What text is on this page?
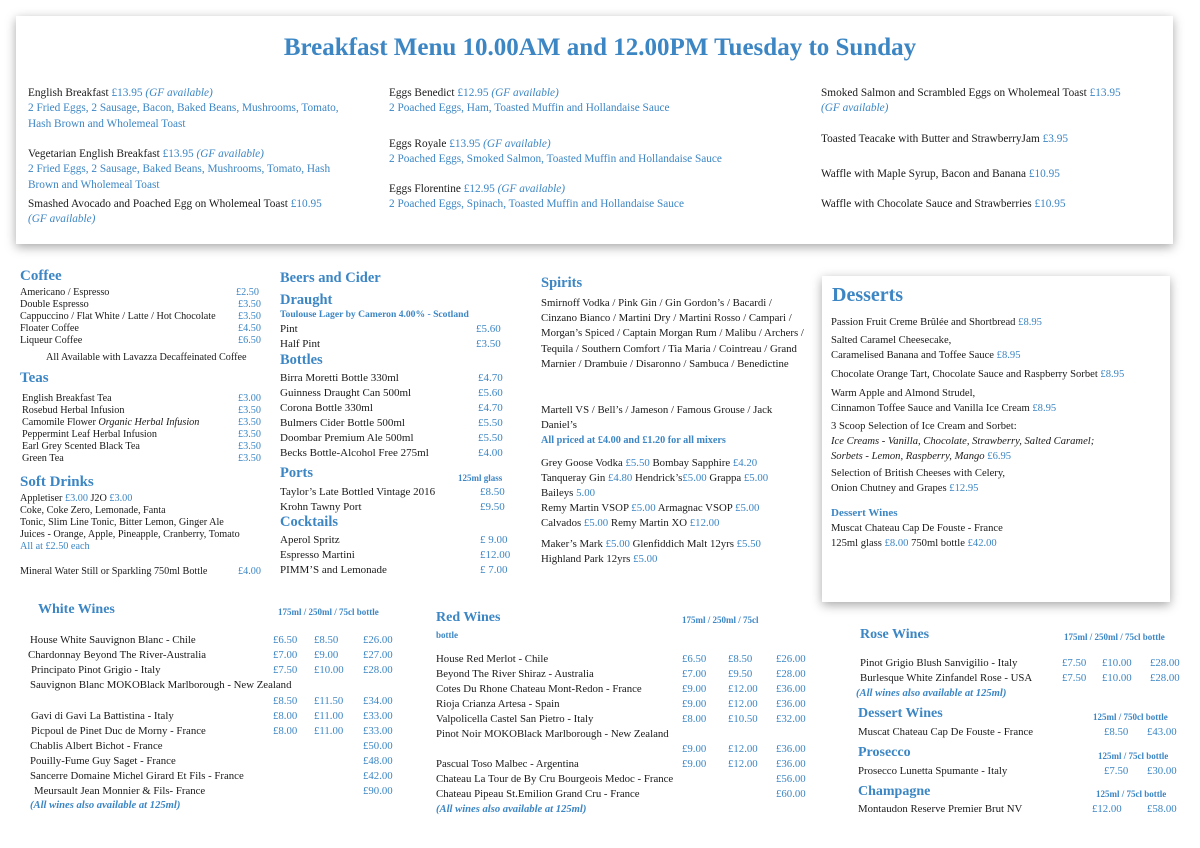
Breakfast Menu 10.00AM and 12.00PM Tuesday to Sunday
English Breakfast £13.95 (GF available)
2 Fried Eggs, 2 Sausage, Bacon, Baked Beans, Mushrooms, Tomato, Hash Brown and Wholemeal Toast
Vegetarian English Breakfast £13.95 (GF available)
2 Fried Eggs, 2 Sausage, Baked Beans, Mushrooms, Tomato, Hash Brown and Wholemeal Toast
Smashed Avocado and Poached Egg on Wholemeal Toast £10.95
(GF available)
Eggs Benedict £12.95 (GF available)
2 Poached Eggs, Ham, Toasted Muffin and Hollandaise Sauce
Eggs Royale £13.95 (GF available)
2 Poached Eggs, Smoked Salmon, Toasted Muffin and Hollandaise Sauce
Eggs Florentine £12.95 (GF available)
2 Poached Eggs, Spinach, Toasted Muffin and Hollandaise Sauce
Smoked Salmon and Scrambled Eggs on Wholemeal Toast £13.95
(GF available)
Toasted Teacake with Butter and StrawberryJam £3.95
Waffle with Maple Syrup, Bacon and Banana £10.95
Waffle with Chocolate Sauce and Strawberries £10.95
Coffee
Americano / Espresso	£2.50
Double Espresso	£3.50
Cappuccino / Flat White / Latte / Hot Chocolate £3.50
Floater Coffee	£4.50
Liqueur Coffee	£6.50
All Available with Lavazza Decaffeinated Coffee
Teas
English Breakfast Tea	£3.00
Rosebud Herbal Infusion	£3.50
Camomile Flower Organic Herbal Infusion	£3.50
Peppermint Leaf Herbal Infusion	£3.50
Earl Grey Scented Black Tea	£3.50
Green Tea	£3.50
Soft Drinks
Appletiser £3.00 J2O £3.00
Coke, Coke Zero, Lemonade, Fanta
Tonic, Slim Line Tonic, Bitter Lemon, Ginger Ale
Juices - Orange, Apple, Pineapple, Cranberry, Tomato
All at £2.50 each
Mineral Water Still or Sparkling 750ml Bottle	£4.00
Beers and Cider
Draught
Toulouse Lager by Cameron 4.00% - Scotland
Pint	£5.60
Half Pint	£3.50
Bottles
Birra Moretti Bottle 330ml	£4.70
Guinness Draught Can 500ml	£5.60
Corona Bottle 330ml	£4.70
Bulmers Cider Bottle 500ml	£5.50
Doombar Premium Ale 500ml	£5.50
Becks Bottle-Alcohol Free 275ml	£4.00
Ports	125ml glass
Taylor’s Late Bottled Vintage 2016	£8.50
Krohn Tawny Port	£9.50
Cocktails
Aperol Spritz	£ 9.00
Espresso Martini	£12.00
PIMM’S and Lemonade	£ 7.00
Spirits
Smirnoff Vodka / Pink Gin / Gin Gordon’s / Bacardi / Cinzano Bianco / Martini Dry / Martini Rosso / Campari / Morgan’s Spiced / Captain Morgan Rum / Malibu / Archers / Tequila / Southern Comfort / Tia Maria / Cointreau / Grand Marnier / Drambuie / Disaronno / Sambuca / Benedictine
Martell VS / Bell’s / Jameson / Famous Grouse / Jack Daniel’s
All priced at £4.00 and £1.20 for all mixers
Grey Goose Vodka £5.50 Bombay Sapphire £4.20
Tanqueray Gin £4.80 Hendrick’s£5.00 Grappa £5.00
Baileys 5.00
Remy Martin VSOP £5.00 Armagnac VSOP £5.00
Calvados £5.00 Remy Martin XO £12.00
Maker’s Mark £5.00 Glenfiddich Malt 12yrs £5.50
Highland Park 12yrs £5.00
Desserts
Passion Fruit Creme Brûlée and Shortbread £8.95
Salted Caramel Cheesecake,
Caramelised Banana and Toffee Sauce £8.95
Chocolate Orange Tart, Chocolate Sauce and Raspberry Sorbet £8.95
Warm Apple and Almond Strudel,
Cinnamon Toffee Sauce and Vanilla Ice Cream £8.95
3 Scoop Selection of Ice Cream and Sorbet:
Ice Creams - Vanilla, Chocolate, Strawberry, Salted Caramel;
Sorbets - Lemon, Raspberry, Mango £6.95
Selection of British Cheeses with Celery,
Onion Chutney and Grapes £12.95
Dessert Wines
Muscat Chateau Cap De Fouste - France
125ml glass £8.00 750ml bottle £42.00
White Wines	175ml / 250ml / 75cl bottle
House White Sauvignon Blanc - Chile	£6.50 £8.50 £26.00
Chardonnay Beyond The River-Australia	£7.00 £9.00 £27.00
Principato Pinot Grigio - Italy	£7.50 £10.00 £28.00
Sauvignon Blanc MOKOBlack Marlborough - New Zealand
£8.50 £11.50 £34.00
Gavi di Gavi La Battistina - Italy	£8.00 £11.00 £33.00
Picpoul de Pinet Duc de Morny - France	£8.00 £11.00 £33.00
Chablis Albert Bichot - France	£50.00
Pouilly-Fume Guy Saget - France	£48.00
Sancerre Domaine Michel Girard Et Fils - France	£42.00
Meursault Jean Monnier & Fils- France	£90.00
(All wines also available at 125ml)
Red Wines	175ml / 250ml / 75cl
bottle
House Red Merlot - Chile	£6.50 £8.50 £26.00
Beyond The River Shiraz - Australia	£7.00 £9.50 £28.00
Cotes Du Rhone Chateau Mont-Redon - France	£9.00 £12.00 £36.00
Rioja Crianza Artesa - Spain	£9.00 £12.00 £36.00
Valpolicella Castel San Pietro - Italy	£8.00 £10.50 £32.00
Pinot Noir MOKOBlack Marlborough - New Zealand
£9.00 £12.00 £36.00
Pascual Toso Malbec - Argentina	£9.00 £12.00 £36.00
Chateau La Tour de By Cru Bourgeois Medoc - France	£56.00
Chateau Pipeau St.Emilion Grand Cru - France	£60.00
(All wines also available at 125ml)
Rose Wines	175ml / 250ml / 75cl bottle
Pinot Grigio Blush Sanvigilio - Italy	£7.50 £10.00 £28.00
Burlesque White Zinfandel Rose - USA	£7.50 £10.00 £28.00
(All wines also available at 125ml)
Dessert Wines	125ml / 750cl bottle
Muscat Chateau Cap De Fouste - France	£8.50 £43.00
Prosecco	125ml / 75cl bottle
Prosecco Lunetta Spumante - Italy	£7.50 £30.00
Champagne	125ml / 75cl bottle
Montaudon Reserve Premier Brut NV	£12.00 £58.00
